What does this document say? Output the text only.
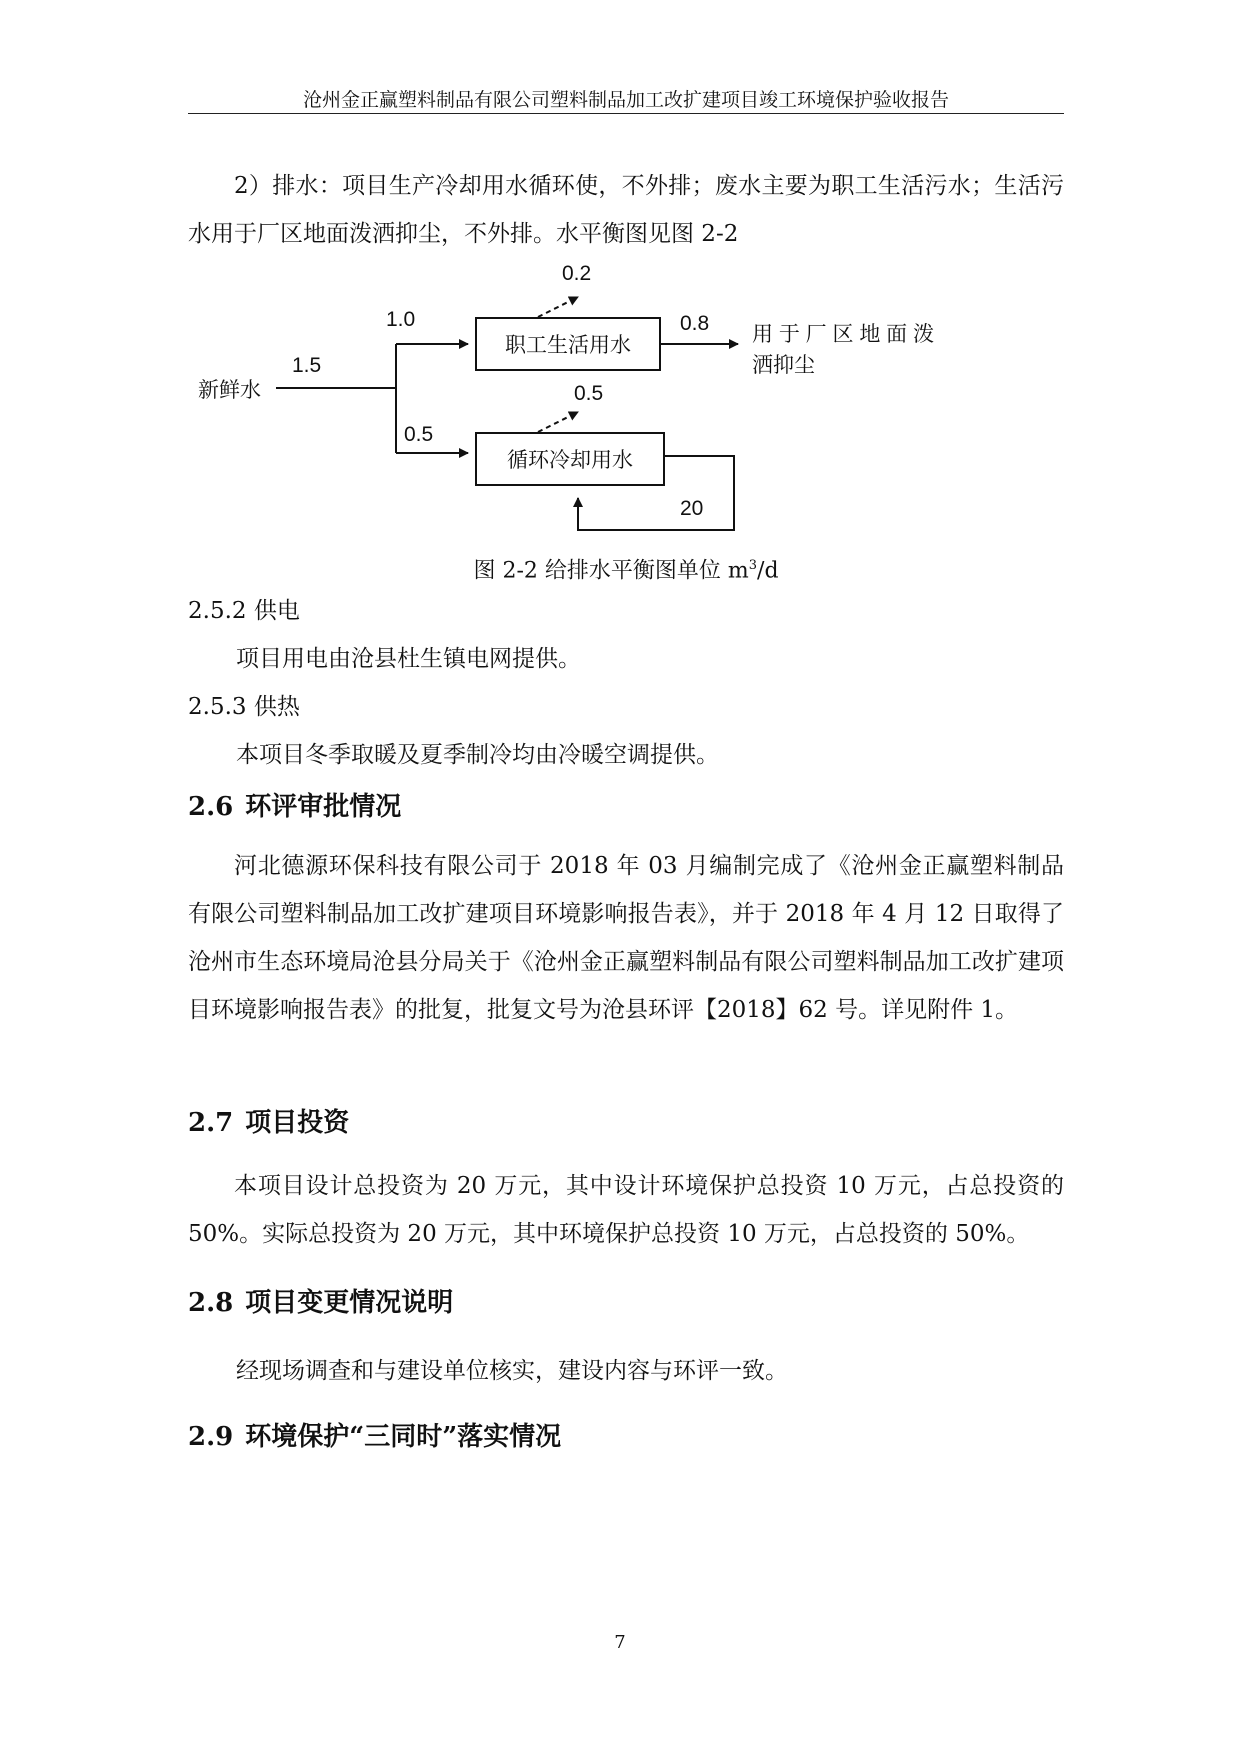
沧州金正赢塑料制品有限公司塑料制品加工改扩建项目竣工环境保护验收报告
2）排水：项目生产冷却用水循环使，不外排；废水主要为职工生活污水；生活污水用于厂区地面泼洒抑尘，不外排。水平衡图见图 2-2
新鲜水
1.5
1.0
0.5
职工生活用水
循环冷却用水
0.2
0.5
0.8 用 于 厂 区 地 面 泼
洒抑尘
20
图 2-2 给排水平衡图单位 $m^3/d$
2.5.2 供电
项目用电由沧县杜生镇电网提供。
2.5.3 供热
本项目冬季取暖及夏季制冷均由冷暖空调提供。
2.6 环评审批情况
河北德源环保科技有限公司于 2018 年 03 月编制完成了《沧州金正赢塑料制品有限公司塑料制品加工改扩建项目环境影响报告表》，并于 2018 年 4 月 12 日取得了沧州市生态环境局沧县分局关于《沧州金正赢塑料制品有限公司塑料制品加工改扩建项目环境影响报告表》的批复，批复文号为沧县环评【2018】62 号。详见附件 1。
2.7 项目投资
本项目设计总投资为 20 万元，其中设计环境保护总投资 10 万元，占总投资的 50%。实际总投资为 20 万元，其中环境保护总投资 10 万元，占总投资的 50%。
2.8 项目变更情况说明
经现场调查和与建设单位核实，建设内容与环评一致。
2.9 环境保护“三同时”落实情况
7
